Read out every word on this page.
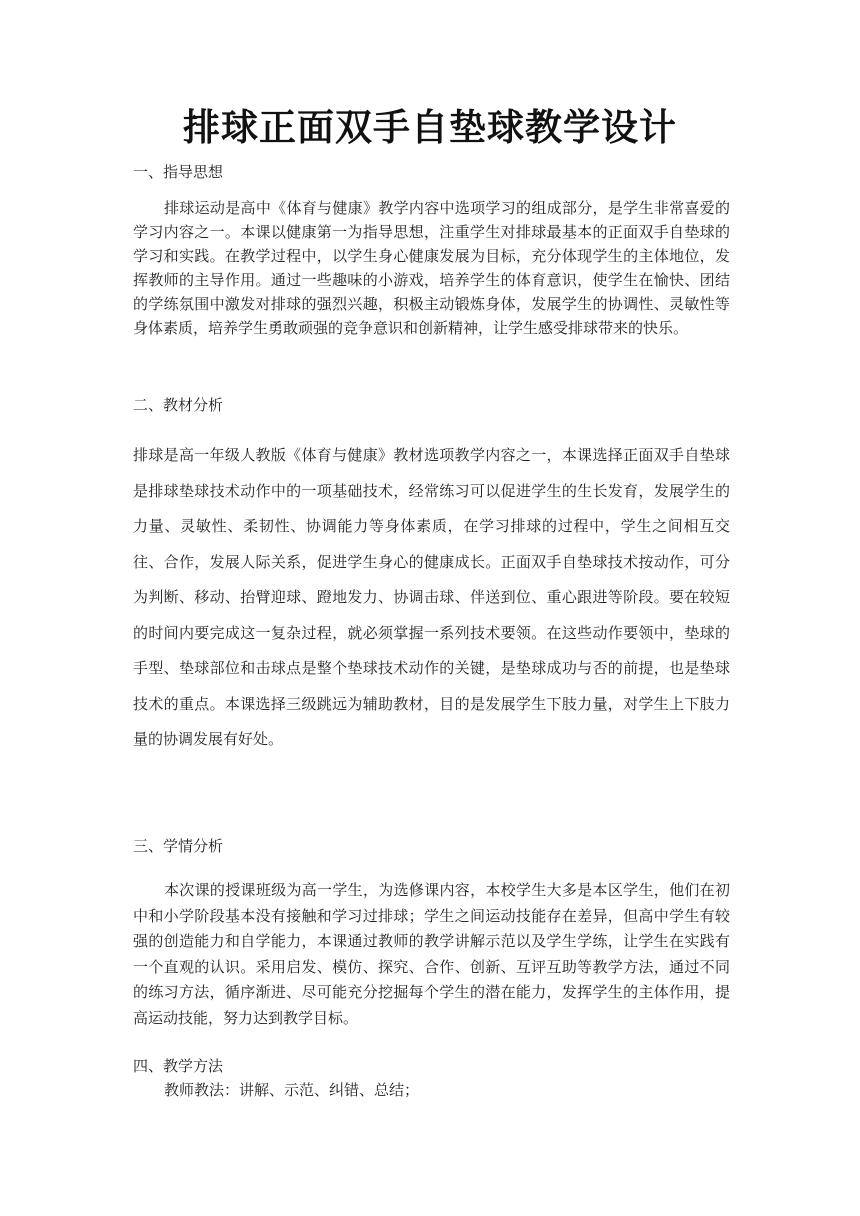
排球正面双手自垫球教学设计
一、指导思想

排球运动是高中《体育与健康》教学内容中选项学习的组成部分，是学生非常喜爱的学习内容之一。本课以健康第一为指导思想，注重学生对排球最基本的正面双手自垫球的学习和实践。在教学过程中，以学生身心健康发展为目标，充分体现学生的主体地位，发挥教师的主导作用。通过一些趣味的小游戏，培养学生的体育意识，使学生在愉快、团结的学练氛围中激发对排球的强烈兴趣，积极主动锻炼身体，发展学生的协调性、灵敏性等身体素质，培养学生勇敢顽强的竞争意识和创新精神，让学生感受排球带来的快乐。

二、教材分析

排球是高一年级人教版《体育与健康》教材选项教学内容之一，本课选择正面双手自垫球是排球垫球技术动作中的一项基础技术，经常练习可以促进学生的生长发育，发展学生的力量、灵敏性、柔韧性、协调能力等身体素质，在学习排球的过程中，学生之间相互交往、合作，发展人际关系，促进学生身心的健康成长。正面双手自垫球技术按动作，可分为判断、移动、抬臂迎球、蹬地发力、协调击球、伴送到位、重心跟进等阶段。要在较短的时间内要完成这一复杂过程，就必须掌握一系列技术要领。在这些动作要领中，垫球的手型、垫球部位和击球点是整个垫球技术动作的关键，是垫球成功与否的前提，也是垫球技术的重点。本课选择三级跳远为辅助教材，目的是发展学生下肢力量，对学生上下肢力量的协调发展有好处。

三、学情分析

本次课的授课班级为高一学生，为选修课内容，本校学生大多是本区学生，他们在初中和小学阶段基本没有接触和学习过排球；学生之间运动技能存在差异，但高中学生有较强的创造能力和自学能力，本课通过教师的教学讲解示范以及学生学练，让学生在实践有一个直观的认识。采用启发、模仿、探究、合作、创新、互评互助等教学方法，通过不同的练习方法，循序渐进、尽可能充分挖掘每个学生的潜在能力，发挥学生的主体作用，提高运动技能，努力达到教学目标。

四、教学方法

教师教法：讲解、示范、纠错、总结；
